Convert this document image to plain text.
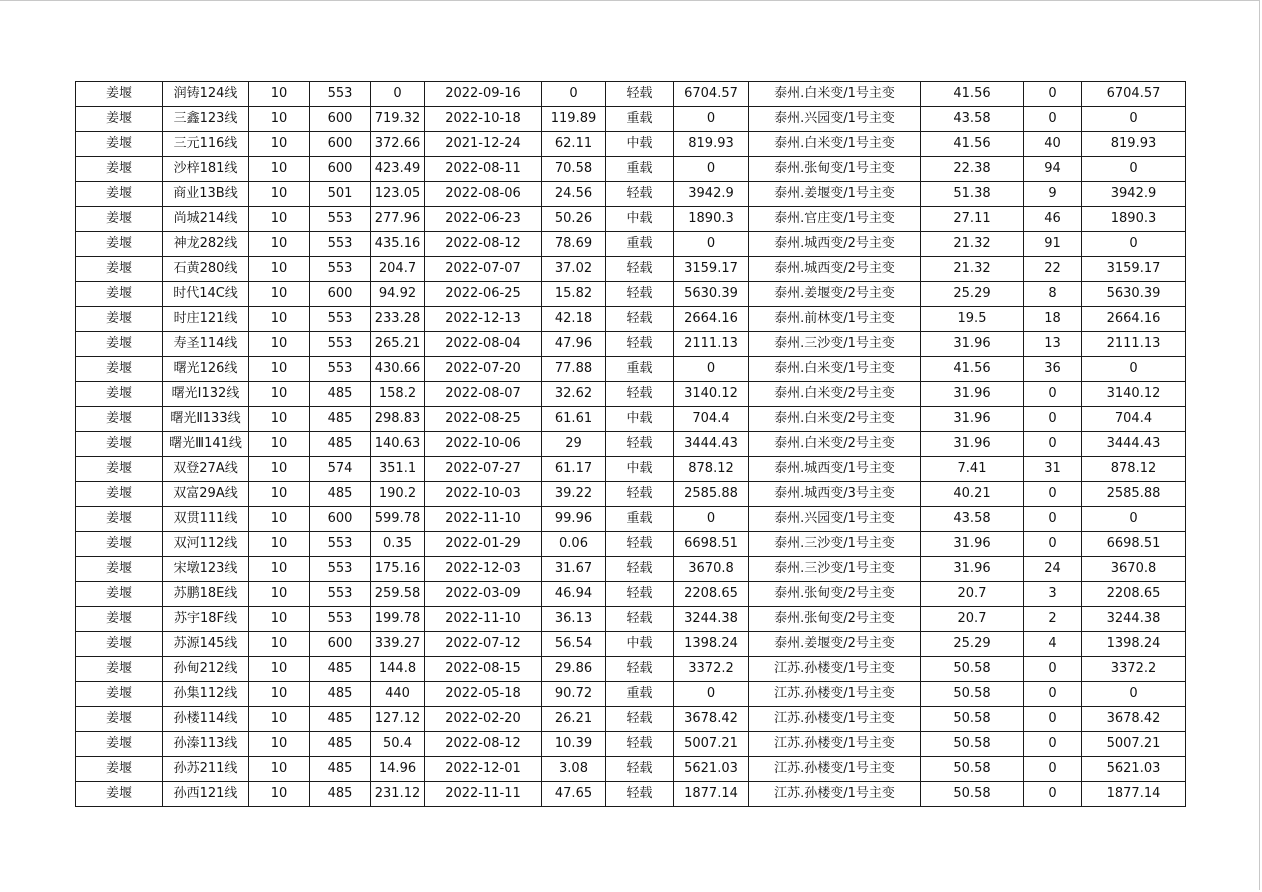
姜堰	润铸124线	10	553	0	2022-09-16	0	轻载	6704.57	泰州.白米变/1号主变	41.56	0	6704.57
姜堰	三鑫123线	10	600	719.32	2022-10-18	119.89	重载	0	泰州.兴园变/1号主变	43.58	0	0
姜堰	三元116线	10	600	372.66	2021-12-24	62.11	中载	819.93	泰州.白米变/1号主变	41.56	40	819.93
姜堰	沙梓181线	10	600	423.49	2022-08-11	70.58	重载	0	泰州.张甸变/1号主变	22.38	94	0
姜堰	商业13B线	10	501	123.05	2022-08-06	24.56	轻载	3942.9	泰州.姜堰变/1号主变	51.38	9	3942.9
姜堰	尚城214线	10	553	277.96	2022-06-23	50.26	中载	1890.3	泰州.官庄变/1号主变	27.11	46	1890.3
姜堰	神龙282线	10	553	435.16	2022-08-12	78.69	重载	0	泰州.城西变/2号主变	21.32	91	0
姜堰	石黄280线	10	553	204.7	2022-07-07	37.02	轻载	3159.17	泰州.城西变/2号主变	21.32	22	3159.17
姜堰	时代14C线	10	600	94.92	2022-06-25	15.82	轻载	5630.39	泰州.姜堰变/2号主变	25.29	8	5630.39
姜堰	时庄121线	10	553	233.28	2022-12-13	42.18	轻载	2664.16	泰州.前林变/1号主变	19.5	18	2664.16
姜堰	寿圣114线	10	553	265.21	2022-08-04	47.96	轻载	2111.13	泰州.三沙变/1号主变	31.96	13	2111.13
姜堰	曙光126线	10	553	430.66	2022-07-20	77.88	重载	0	泰州.白米变/1号主变	41.56	36	0
姜堰	曙光Ⅰ132线	10	485	158.2	2022-08-07	32.62	轻载	3140.12	泰州.白米变/2号主变	31.96	0	3140.12
姜堰	曙光Ⅱ133线	10	485	298.83	2022-08-25	61.61	中载	704.4	泰州.白米变/2号主变	31.96	0	704.4
姜堰	曙光Ⅲ141线	10	485	140.63	2022-10-06	29	轻载	3444.43	泰州.白米变/2号主变	31.96	0	3444.43
姜堰	双登27A线	10	574	351.1	2022-07-27	61.17	中载	878.12	泰州.城西变/1号主变	7.41	31	878.12
姜堰	双富29A线	10	485	190.2	2022-10-03	39.22	轻载	2585.88	泰州.城西变/3号主变	40.21	0	2585.88
姜堰	双贯111线	10	600	599.78	2022-11-10	99.96	重载	0	泰州.兴园变/1号主变	43.58	0	0
姜堰	双河112线	10	553	0.35	2022-01-29	0.06	轻载	6698.51	泰州.三沙变/1号主变	31.96	0	6698.51
姜堰	宋墩123线	10	553	175.16	2022-12-03	31.67	轻载	3670.8	泰州.三沙变/1号主变	31.96	24	3670.8
姜堰	苏鹏18E线	10	553	259.58	2022-03-09	46.94	轻载	2208.65	泰州.张甸变/2号主变	20.7	3	2208.65
姜堰	苏宇18F线	10	553	199.78	2022-11-10	36.13	轻载	3244.38	泰州.张甸变/2号主变	20.7	2	3244.38
姜堰	苏源145线	10	600	339.27	2022-07-12	56.54	中载	1398.24	泰州.姜堰变/2号主变	25.29	4	1398.24
姜堰	孙甸212线	10	485	144.8	2022-08-15	29.86	轻载	3372.2	江苏.孙楼变/1号主变	50.58	0	3372.2
姜堰	孙集112线	10	485	440	2022-05-18	90.72	重载	0	江苏.孙楼变/1号主变	50.58	0	0
姜堰	孙楼114线	10	485	127.12	2022-02-20	26.21	轻载	3678.42	江苏.孙楼变/1号主变	50.58	0	3678.42
姜堰	孙溱113线	10	485	50.4	2022-08-12	10.39	轻载	5007.21	江苏.孙楼变/1号主变	50.58	0	5007.21
姜堰	孙苏211线	10	485	14.96	2022-12-01	3.08	轻载	5621.03	江苏.孙楼变/1号主变	50.58	0	5621.03
姜堰	孙西121线	10	485	231.12	2022-11-11	47.65	轻载	1877.14	江苏.孙楼变/1号主变	50.58	0	1877.14
